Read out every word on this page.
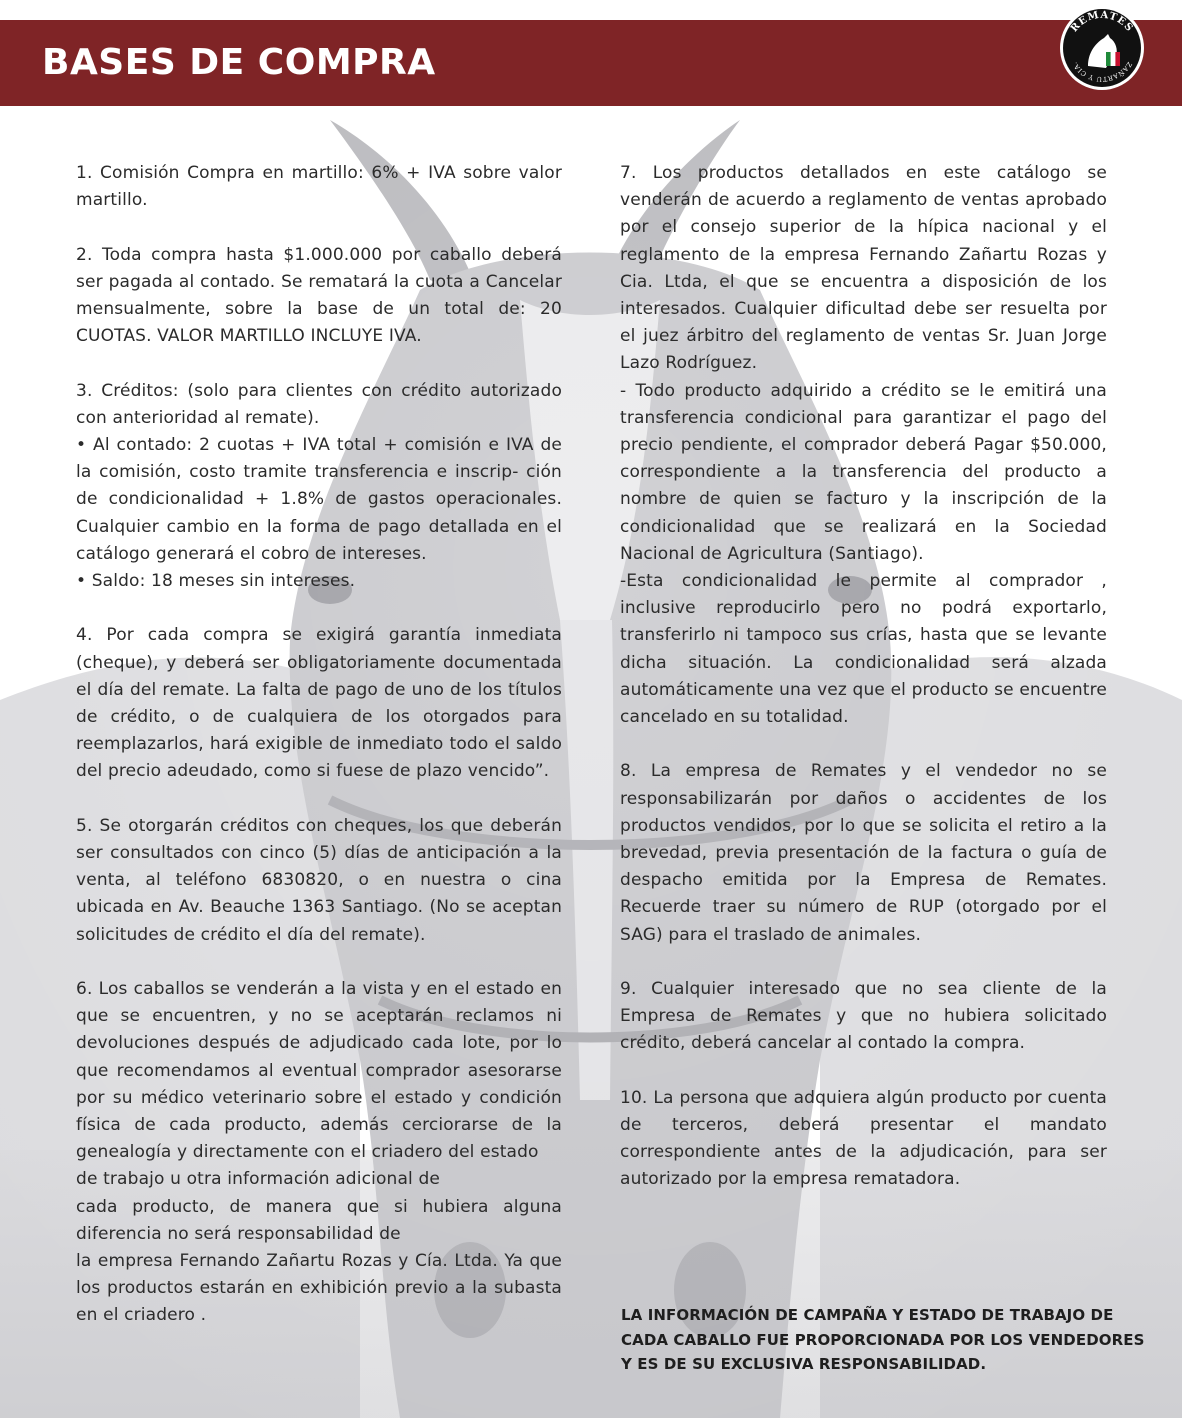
BASES DE COMPRA
REMATES
ZAÑARTU Y CIA.

1. Comisión Compra en martillo: 6% + IVA sobre valor martillo.

2. Toda compra hasta $1.000.000 por caballo deberá ser pagada al contado. Se rematará la cuota a Cancelar mensualmente, sobre la base de un total de: 20 CUOTAS. VALOR MARTILLO INCLUYE IVA.

3. Créditos: (solo para clientes con crédito autorizado con anterioridad al remate).

• Al contado: 2 cuotas + IVA total + comisión e IVA de la comisión, costo tramite transferencia e inscrip- ción de condicionalidad + 1.8% de gastos operacionales. Cualquier cambio en la forma de pago detallada en el catálogo generará el cobro de intereses.

• Saldo: 18 meses sin intereses.

4. Por cada compra se exigirá garantía inmediata (cheque), y deberá ser obligatoriamente documentada el día del remate. La falta de pago de uno de los títulos de crédito, o de cualquiera de los otorgados para reemplazarlos, hará exigible de inmediato todo el saldo del precio adeudado, como si fuese de plazo vencido”.

5. Se otorgarán créditos con cheques, los que deberán ser consultados con cinco (5) días de anticipación a la venta, al teléfono 6830820, o en nuestra o cina ubicada en Av. Beauche 1363 Santiago. (No se aceptan solicitudes de crédito el día del remate).

6. Los caballos se venderán a la vista y en el estado en que se encuentren, y no se aceptarán reclamos ni devoluciones después de adjudicado cada lote, por lo que recomendamos al eventual comprador asesorarse por su médico veterinario sobre el estado y condición física de cada producto, además cerciorarse de la genealogía y directamente con el criadero del estado
de trabajo u otra información adicional de
cada producto, de manera que si hubiera alguna
diferencia no será responsabilidad de
la empresa Fernando Zañartu Rozas y Cía. Ltda. Ya que los productos estarán en exhibición previo a la subasta en el criadero .

7. Los productos detallados en este catálogo se venderán de acuerdo a reglamento de ventas aprobado por el consejo superior de la hípica nacional y el reglamento de la empresa Fernando Zañartu Rozas y Cia. Ltda, el que se encuentra a disposición de los interesados. Cualquier dificultad debe ser resuelta por el juez árbitro del reglamento de ventas Sr. Juan Jorge Lazo Rodríguez.

- Todo producto adquirido a crédito se le emitirá una transferencia condicional para garantizar el pago del precio pendiente, el comprador deberá Pagar $50.000, correspondiente a la transferencia del producto a nombre de quien se facturo y la inscripción de la condicionalidad que se realizará en la Sociedad Nacional de Agricultura (Santiago).

-Esta condicionalidad le permite al comprador , inclusive reproducirlo pero no podrá exportarlo, transferirlo ni tampoco sus crías, hasta que se levante dicha situación. La condicionalidad será alzada automáticamente una vez que el producto se encuentre cancelado en su totalidad.

8. La empresa de Remates y el vendedor no se responsabilizarán por daños o accidentes de los productos vendidos, por lo que se solicita el retiro a la brevedad, previa presentación de la factura o guía de despacho emitida por la Empresa de Remates. Recuerde traer su número de RUP (otorgado por el SAG) para el traslado de animales.

9. Cualquier interesado que no sea cliente de la Empresa de Remates y que no hubiera solicitado crédito, deberá cancelar al contado la compra.

10. La persona que adquiera algún producto por cuenta de terceros, deberá presentar el mandato correspondiente antes de la adjudicación, para ser autorizado por la empresa rematadora.

LA INFORMACIÓN DE CAMPAÑA Y ESTADO DE TRABAJO DE
CADA CABALLO FUE PROPORCIONADA POR LOS VENDEDORES
Y ES DE SU EXCLUSIVA RESPONSABILIDAD.
